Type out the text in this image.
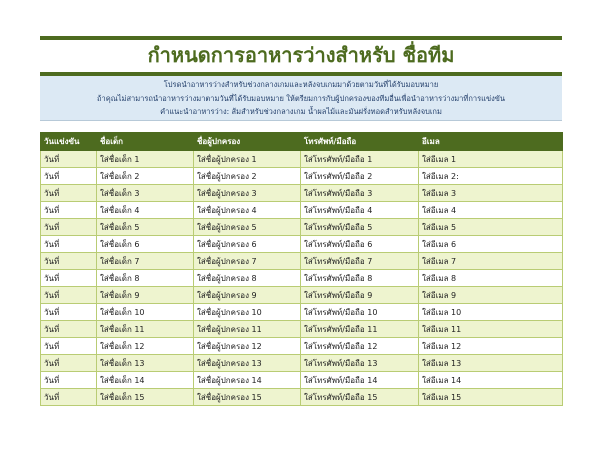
กำหนดการอาหารว่างสำหรับ ชื่อทีม
โปรดนำอาหารว่างสำหรับช่วงกลางเกมและหลังจบเกมมาด้วยตามวันที่ได้รับมอบหมาย
ถ้าคุณไม่สามารถนำอาหารว่างมาตามวันที่ได้รับมอบหมาย ให้ตรียมการกับผู้ปกครองของทีมอื่นเพื่อนำอาหารว่างมาที่การแข่งขัน
คำแนะนำอาหารว่าง: ส้มสำหรับช่วงกลางเกม น้ำผลไม้และมันฝรั่งทอดสำหรับหลังจบเกม
วันแข่งขัน	ชื่อเด็ก	ชื่อผู้ปกครอง	โทรศัพท์/มือถือ	อีเมล
วันที่	ใส่ชื่อเด็ก 1	ใส่ชื่อผู้ปกครอง 1	ใส่โทรศัพท์/มือถือ 1	ใส่อีเมล 1
วันที่	ใส่ชื่อเด็ก 2	ใส่ชื่อผู้ปกครอง 2	ใส่โทรศัพท์/มือถือ 2	ใส่อีเมล 2:
วันที่	ใส่ชื่อเด็ก 3	ใส่ชื่อผู้ปกครอง 3	ใส่โทรศัพท์/มือถือ 3	ใส่อีเมล 3
วันที่	ใส่ชื่อเด็ก 4	ใส่ชื่อผู้ปกครอง 4	ใส่โทรศัพท์/มือถือ 4	ใส่อีเมล 4
วันที่	ใส่ชื่อเด็ก 5	ใส่ชื่อผู้ปกครอง 5	ใส่โทรศัพท์/มือถือ 5	ใส่อีเมล 5
วันที่	ใส่ชื่อเด็ก 6	ใส่ชื่อผู้ปกครอง 6	ใส่โทรศัพท์/มือถือ 6	ใส่อีเมล 6
วันที่	ใส่ชื่อเด็ก 7	ใส่ชื่อผู้ปกครอง 7	ใส่โทรศัพท์/มือถือ 7	ใส่อีเมล 7
วันที่	ใส่ชื่อเด็ก 8	ใส่ชื่อผู้ปกครอง 8	ใส่โทรศัพท์/มือถือ 8	ใส่อีเมล 8
วันที่	ใส่ชื่อเด็ก 9	ใส่ชื่อผู้ปกครอง 9	ใส่โทรศัพท์/มือถือ 9	ใส่อีเมล 9
วันที่	ใส่ชื่อเด็ก 10	ใส่ชื่อผู้ปกครอง 10	ใส่โทรศัพท์/มือถือ 10	ใส่อีเมล 10
วันที่	ใส่ชื่อเด็ก 11	ใส่ชื่อผู้ปกครอง 11	ใส่โทรศัพท์/มือถือ 11	ใส่อีเมล 11
วันที่	ใส่ชื่อเด็ก 12	ใส่ชื่อผู้ปกครอง 12	ใส่โทรศัพท์/มือถือ 12	ใส่อีเมล 12
วันที่	ใส่ชื่อเด็ก 13	ใส่ชื่อผู้ปกครอง 13	ใส่โทรศัพท์/มือถือ 13	ใส่อีเมล 13
วันที่	ใส่ชื่อเด็ก 14	ใส่ชื่อผู้ปกครอง 14	ใส่โทรศัพท์/มือถือ 14	ใส่อีเมล 14
วันที่	ใส่ชื่อเด็ก 15	ใส่ชื่อผู้ปกครอง 15	ใส่โทรศัพท์/มือถือ 15	ใส่อีเมล 15
